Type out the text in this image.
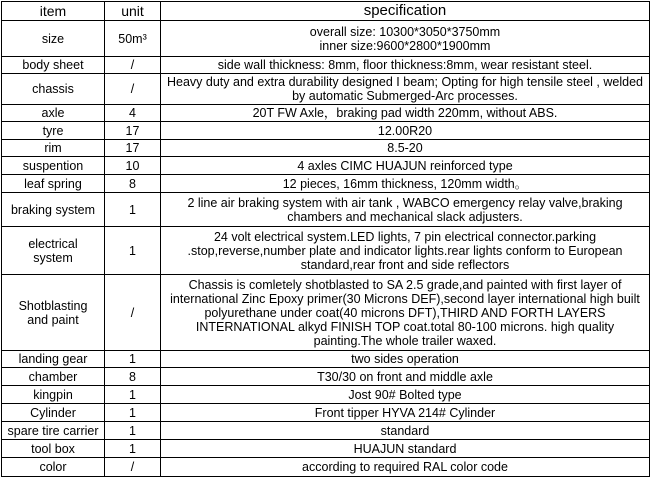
item	unit	specification
size	50m³	overall size: 10300*3050*3750mm
inner size:9600*2800*1900mm

body sheet	/	side wall thickness: 8mm, floor thickness:8mm, wear resistant steel.

chassis	/	Heavy duty and extra durability designed I beam; Opting for high tensile steel , welded
by automatic Submerged-Arc processes.

axle	4	20T FW Axle，braking pad width 220mm, without ABS.

tyre	17	12.00R20

rim	17	8.5-20

suspention	10	4 axles CIMC HUAJUN reinforced type

leaf spring	8	12 pieces, 16mm thickness, 120mm width。

braking system	1	2 line air braking system with air tank , WABCO emergency relay valve,braking
chambers and mechanical slack adjusters.

electrical
system	1	24 volt electrical system.LED lights, 7 pin electrical connector.parking
.stop,reverse,number plate and indicator lights.rear lights conform to European
standard,rear front and side reflectors

Shotblasting
and paint	/	Chassis is comletely shotblasted to SA 2.5 grade,and painted with first layer of
international Zinc Epoxy primer(30 Microns DEF),second layer international high built
polyurethane under coat(40 microns DFT),THIRD AND FORTH LAYERS
INTERNATIONAL alkyd FINISH TOP coat.total 80-100 microns. high quality
painting.The whole trailer waxed.

landing gear	1	two sides operation

chamber	8	T30/30 on front and middle axle

kingpin	1	Jost 90# Bolted type

Cylinder	1	Front tipper HYVA 214# Cylinder

spare tire carrier	1	standard

tool box	1	HUAJUN standard

color	/	according to required RAL color code
